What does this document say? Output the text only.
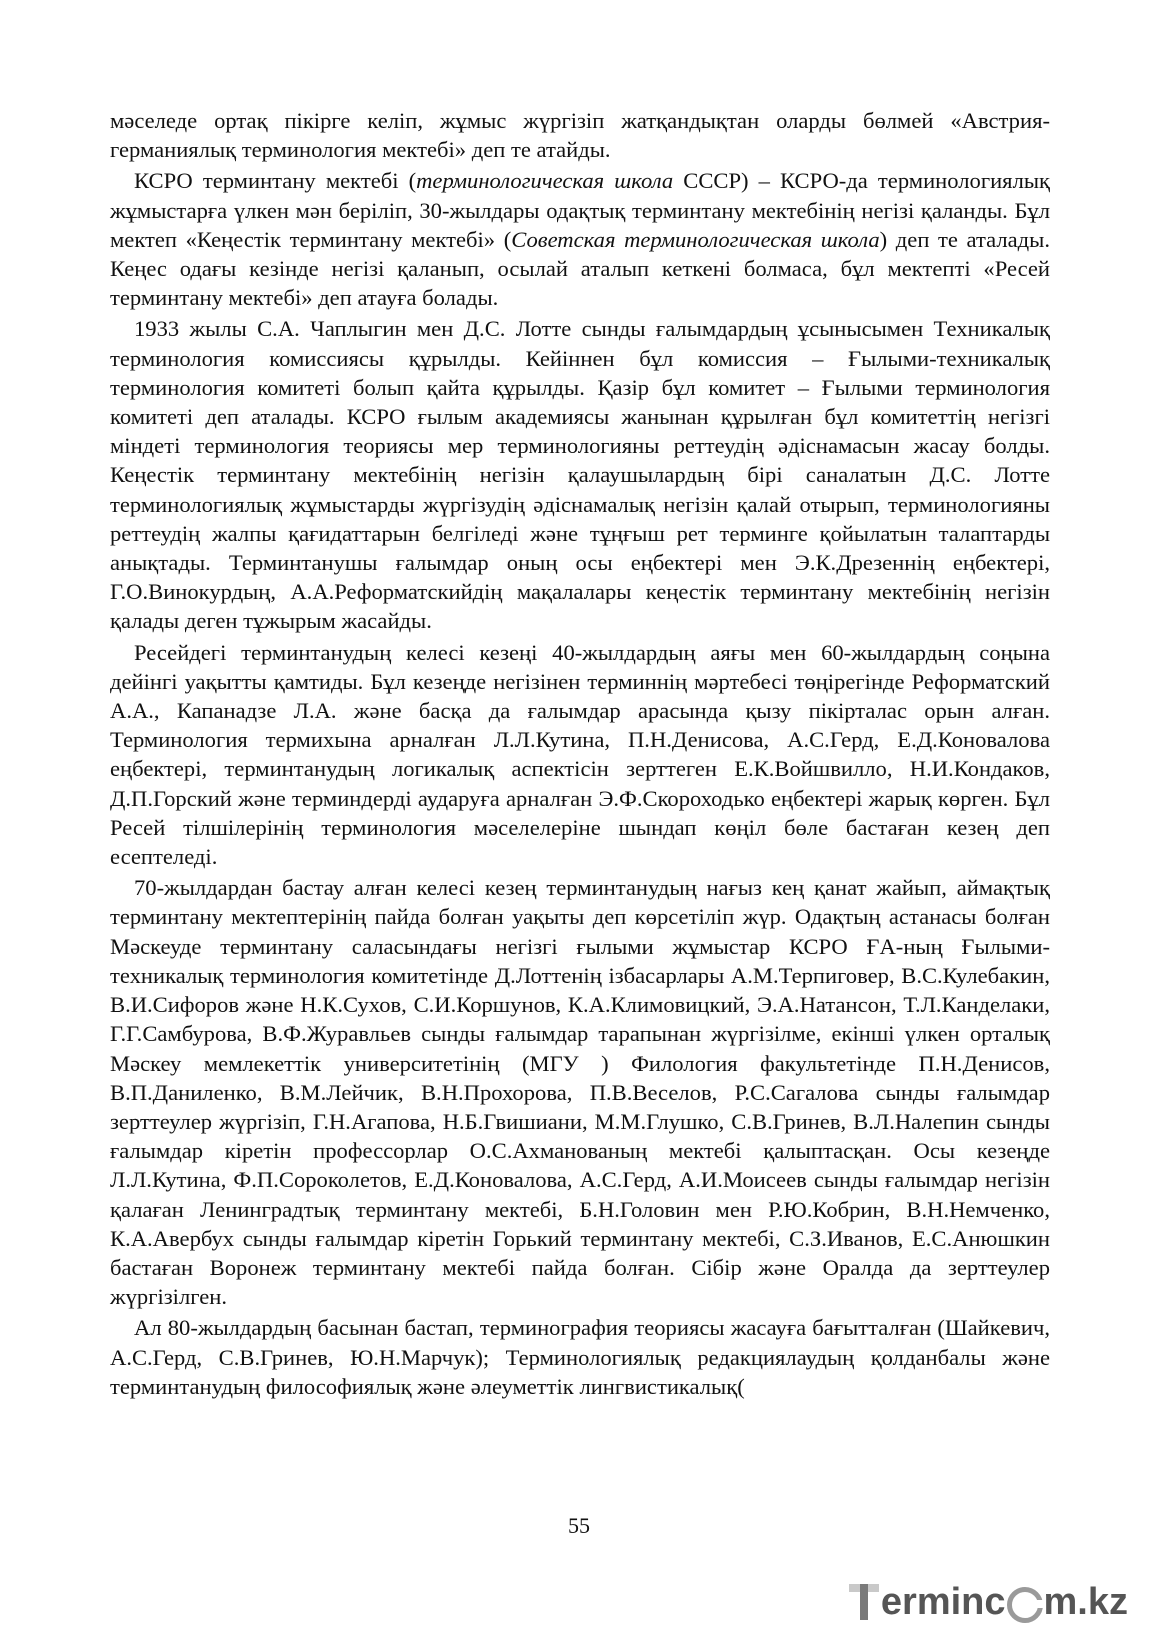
мәселеде ортақ пікірге келіп, жұмыс жүргізіп жатқандықтан оларды бөлмей «Австрия-германиялық терминология мектебі» деп те атайды.

КСРО терминтану мектебі (терминологическая школа СССР) – КСРО-да терминологиялық жұмыстарға үлкен мән беріліп, 30-жылдары одақтық терминтану мектебінің негізі қаланды. Бұл мектеп «Кеңестік терминтану мектебі» (Советская терминологическая школа) деп те аталады. Кеңес одағы кезінде негізі қаланып, осылай аталып кеткені болмаса, бұл мектепті «Ресей терминтану мектебі» деп атауға болады.

1933 жылы С.А. Чаплыгин мен Д.С. Лотте сынды ғалымдардың ұсынысымен Техникалық терминология комиссиясы құрылды. Кейіннен бұл комиссия – Ғылыми-техникалық терминология комитеті болып қайта құрылды. Қазір бұл комитет – Ғылыми терминология комитеті деп аталады. КСРО ғылым академиясы жанынан құрылған бұл комитеттің негізгі міндеті терминология теориясы мер терминологияны реттеудің әдіснамасын жасау болды. Кеңестік терминтану мектебінің негізін қалаушылардың бірі саналатын Д.С. Лотте терминологиялық жұмыстарды жүргізудің әдіснамалық негізін қалай отырып, терминологияны реттеудің жалпы қағидаттарын белгіледі және тұңғыш рет терминге қойылатын талаптарды анықтады. Терминтанушы ғалымдар оның осы еңбектері мен Э.К.Дрезеннің еңбектері, Г.О.Винокурдың, А.А.Реформатскийдің мақалалары кеңестік терминтану мектебінің негізін қалады деген тұжырым жасайды.

Ресейдегі терминтанудың келесі кезеңі 40-жылдардың аяғы мен 60-жылдардың соңына дейінгі уақытты қамтиды. Бұл кезеңде негізінен терминнің мәртебесі төңірегінде Реформатский А.А., Капанадзе Л.А. және басқа да ғалымдар арасында қызу пікірталас орын алған. Терминология термихына арналған Л.Л.Кутина, П.Н.Денисова, А.С.Герд, Е.Д.Коновалова еңбектері, терминтанудың логикалық аспектісін зерттеген Е.К.Войшвилло, Н.И.Кондаков, Д.П.Горский және терминдерді аударуға арналған Э.Ф.Скороходько еңбектері жарық көрген. Бұл Ресей тілшілерінің терминология мәселелеріне шындап көңіл бөле бастаған кезең деп есептеледі.

70-жылдардан бастау алған келесі кезең терминтанудың нағыз кең қанат жайып, аймақтық терминтану мектептерінің пайда болған уақыты деп көрсетіліп жүр. Одақтың астанасы болған Мәскеуде терминтану саласындағы негізгі ғылыми жұмыстар КСРО ҒА-ның Ғылыми-техникалық терминология комитетінде Д.Лоттенің ізбасарлары А.М.Терпиговер, В.С.Кулебакин, В.И.Сифоров және Н.К.Сухов, С.И.Коршунов, К.А.Климовицкий, Э.А.Натансон, Т.Л.Канделаки, Г.Г.Самбурова, В.Ф.Журавльев сынды ғалымдар тарапынан жүргізілме, екінші үлкен орталық Мәскеу мемлекеттік университетінің (МГУ ) Филология факультетінде П.Н.Денисов, В.П.Даниленко, В.М.Лейчик, В.Н.Прохорова, П.В.Веселов, Р.С.Сагалова сынды ғалымдар зерттеулер жүргізіп, Г.Н.Агапова, Н.Б.Гвишиани, М.М.Глушко, С.В.Гринев, В.Л.Налепин сынды ғалымдар кіретін профессорлар О.С.Ахманованың мектебі қалыптасқан. Осы кезеңде Л.Л.Кутина, Ф.П.Сороколетов, Е.Д.Коновалова, А.С.Герд, А.И.Моисеев сынды ғалымдар негізін қалаған Ленинградтық терминтану мектебі, Б.Н.Головин мен Р.Ю.Кобрин, В.Н.Немченко, К.А.Авербух сынды ғалымдар кіретін Горький терминтану мектебі, С.З.Иванов, Е.С.Анюшкин бастаған Воронеж терминтану мектебі пайда болған. Сібір және Оралда да зерттеулер жүргізілген.

Ал 80-жылдардың басынан бастап, терминография теориясы жасауға бағытталған (Шайкевич, А.С.Герд, С.В.Гринев, Ю.Н.Марчук); Терминологиялық редакциялаудың қолданбалы және терминтанудың философиялық және әлеуметтік лингвистикалық(

55
ermin c m.kz
